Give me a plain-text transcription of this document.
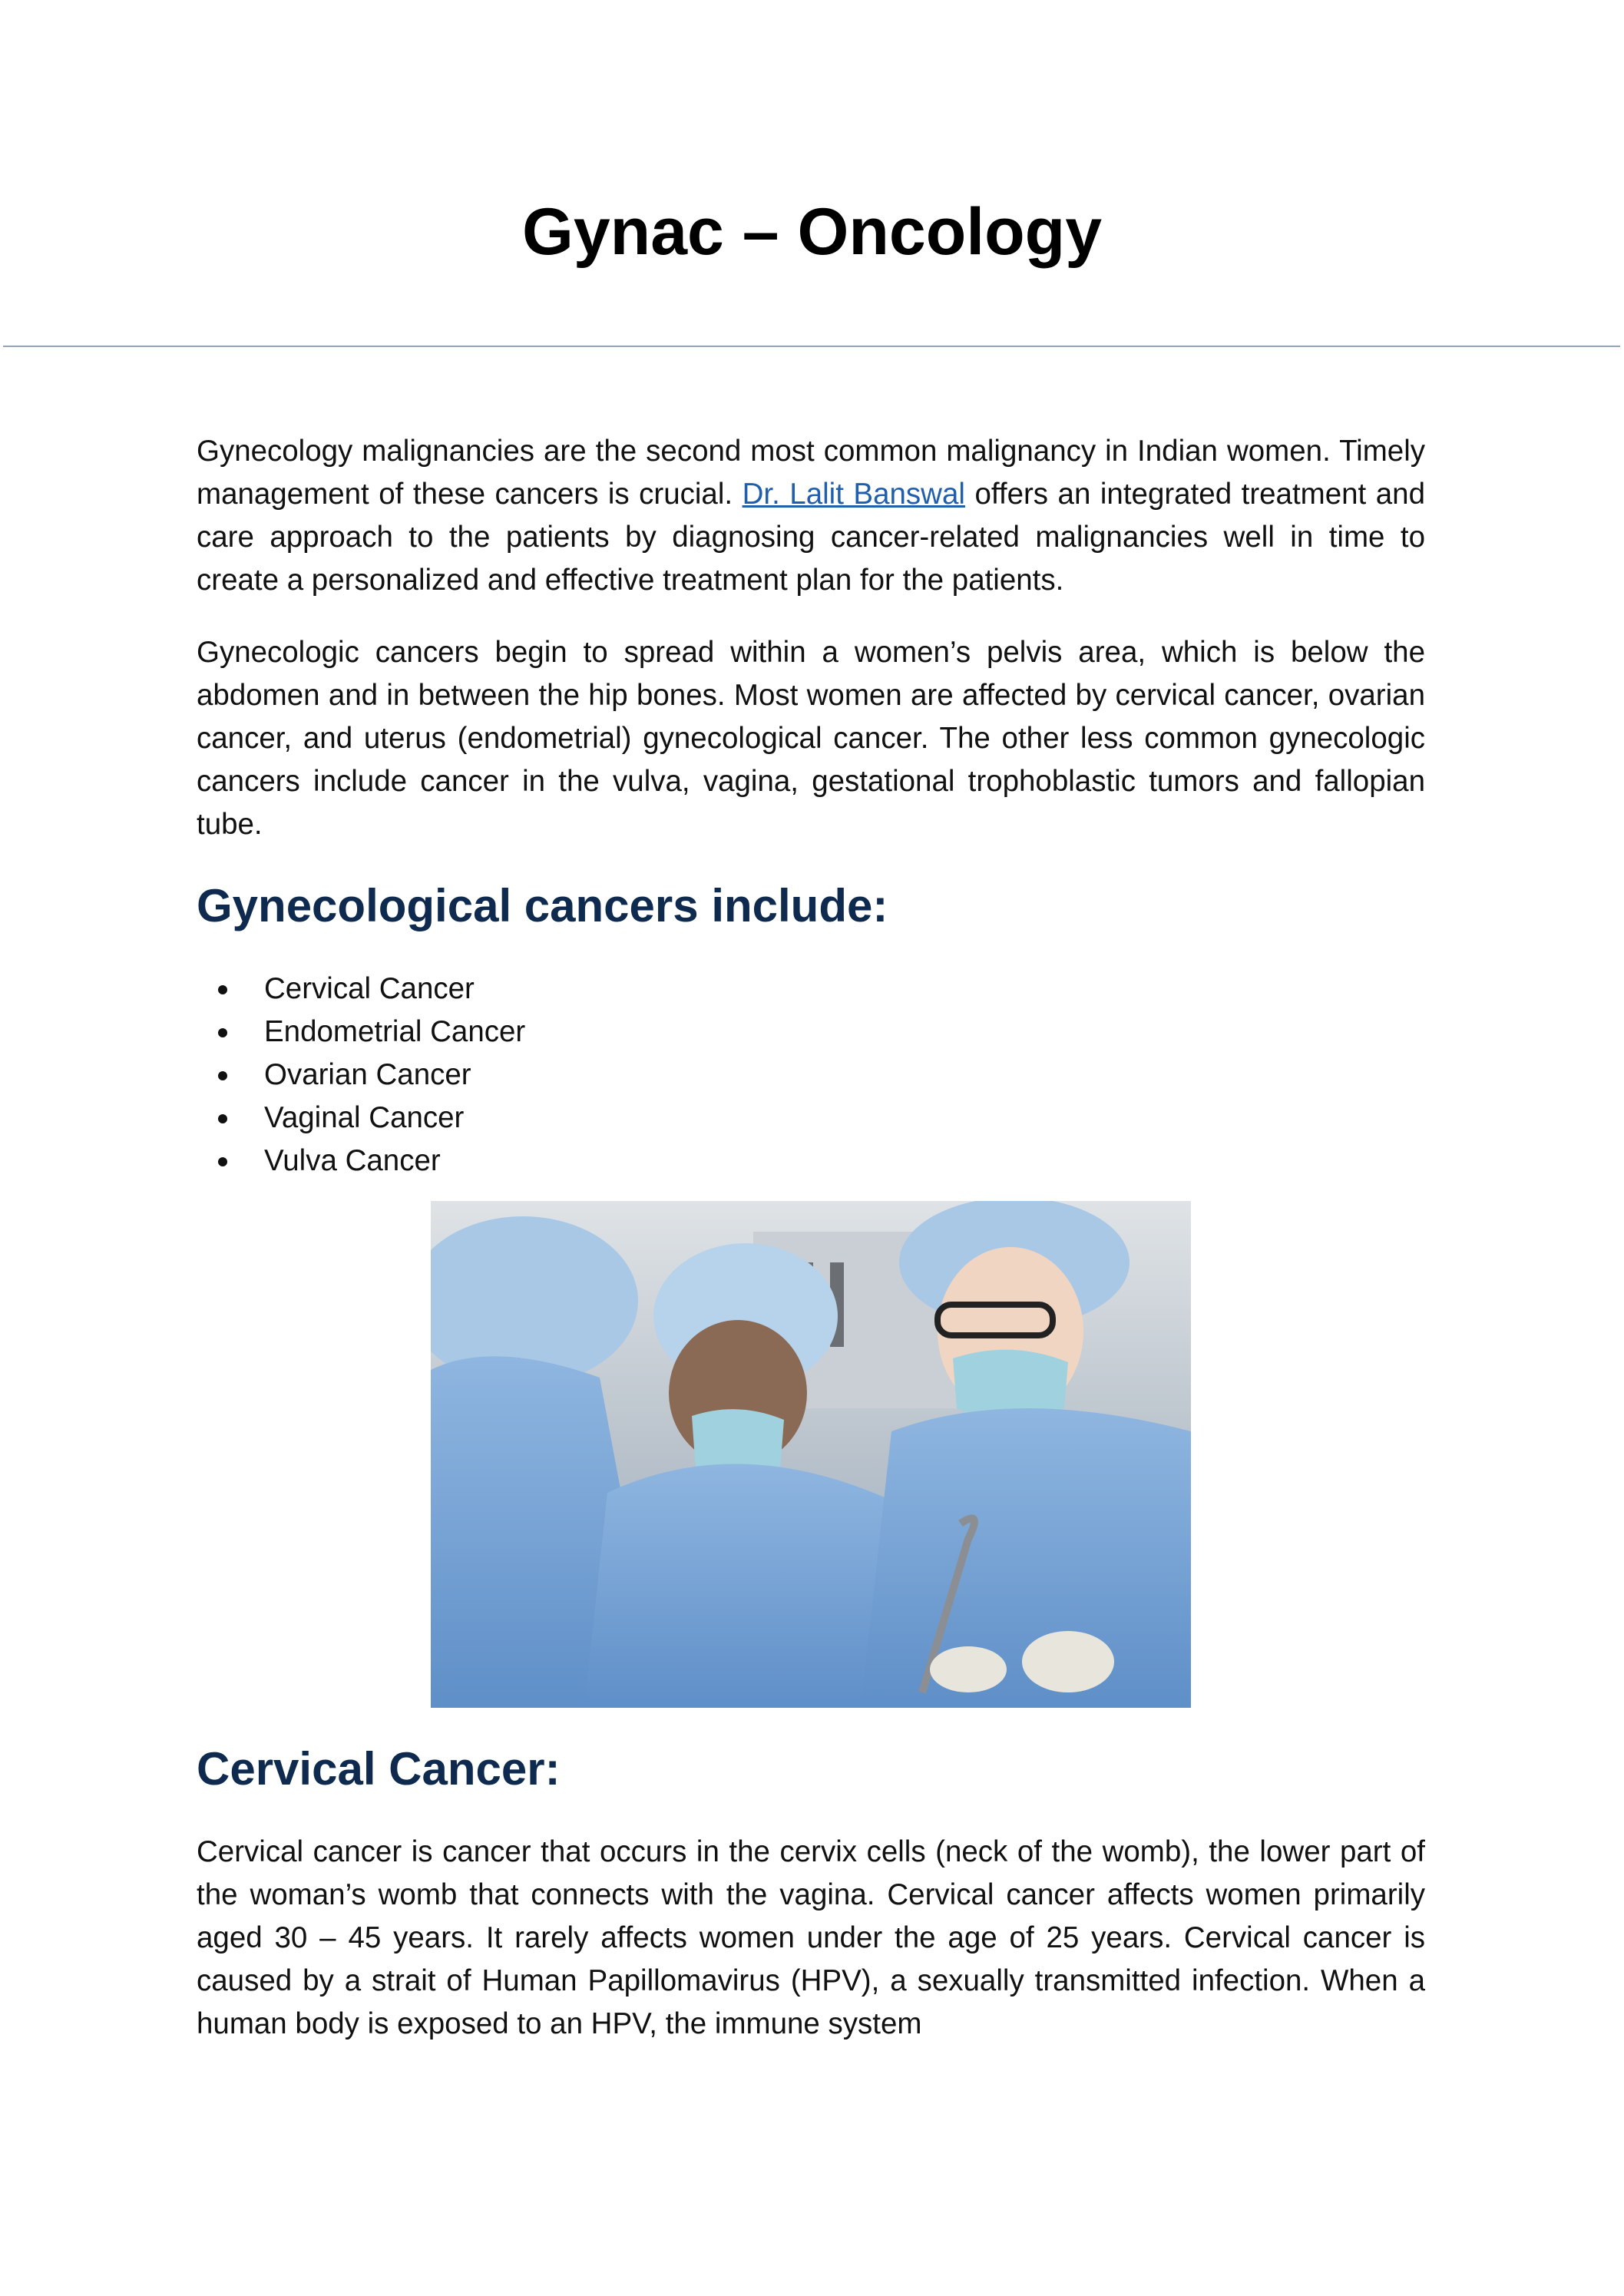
Gynac – Oncology

Gynecology malignancies are the second most common malignancy in Indian women. Timely management of these cancers is crucial. Dr. Lalit Banswal offers an integrated treatment and care approach to the patients by diagnosing cancer-related malignancies well in time to create a personalized and effective treatment plan for the patients.

Gynecologic cancers begin to spread within a women’s pelvis area, which is below the abdomen and in between the hip bones. Most women are affected by cervical cancer, ovarian cancer, and uterus (endometrial) gynecological cancer. The other less common gynecologic cancers include cancer in the vulva, vagina, gestational trophoblastic tumors and fallopian tube.

Gynecological cancers include:
Cervical Cancer
Endometrial Cancer
Ovarian Cancer
Vaginal Cancer
Vulva Cancer
Cervical Cancer:

Cervical cancer is cancer that occurs in the cervix cells (neck of the womb), the lower part of the woman’s womb that connects with the vagina. Cervical cancer affects women primarily aged 30 – 45 years. It rarely affects women under the age of 25 years. Cervical cancer is caused by a strait of Human Papillomavirus (HPV), a sexually transmitted infection. When a human body is exposed to an HPV, the immune system
